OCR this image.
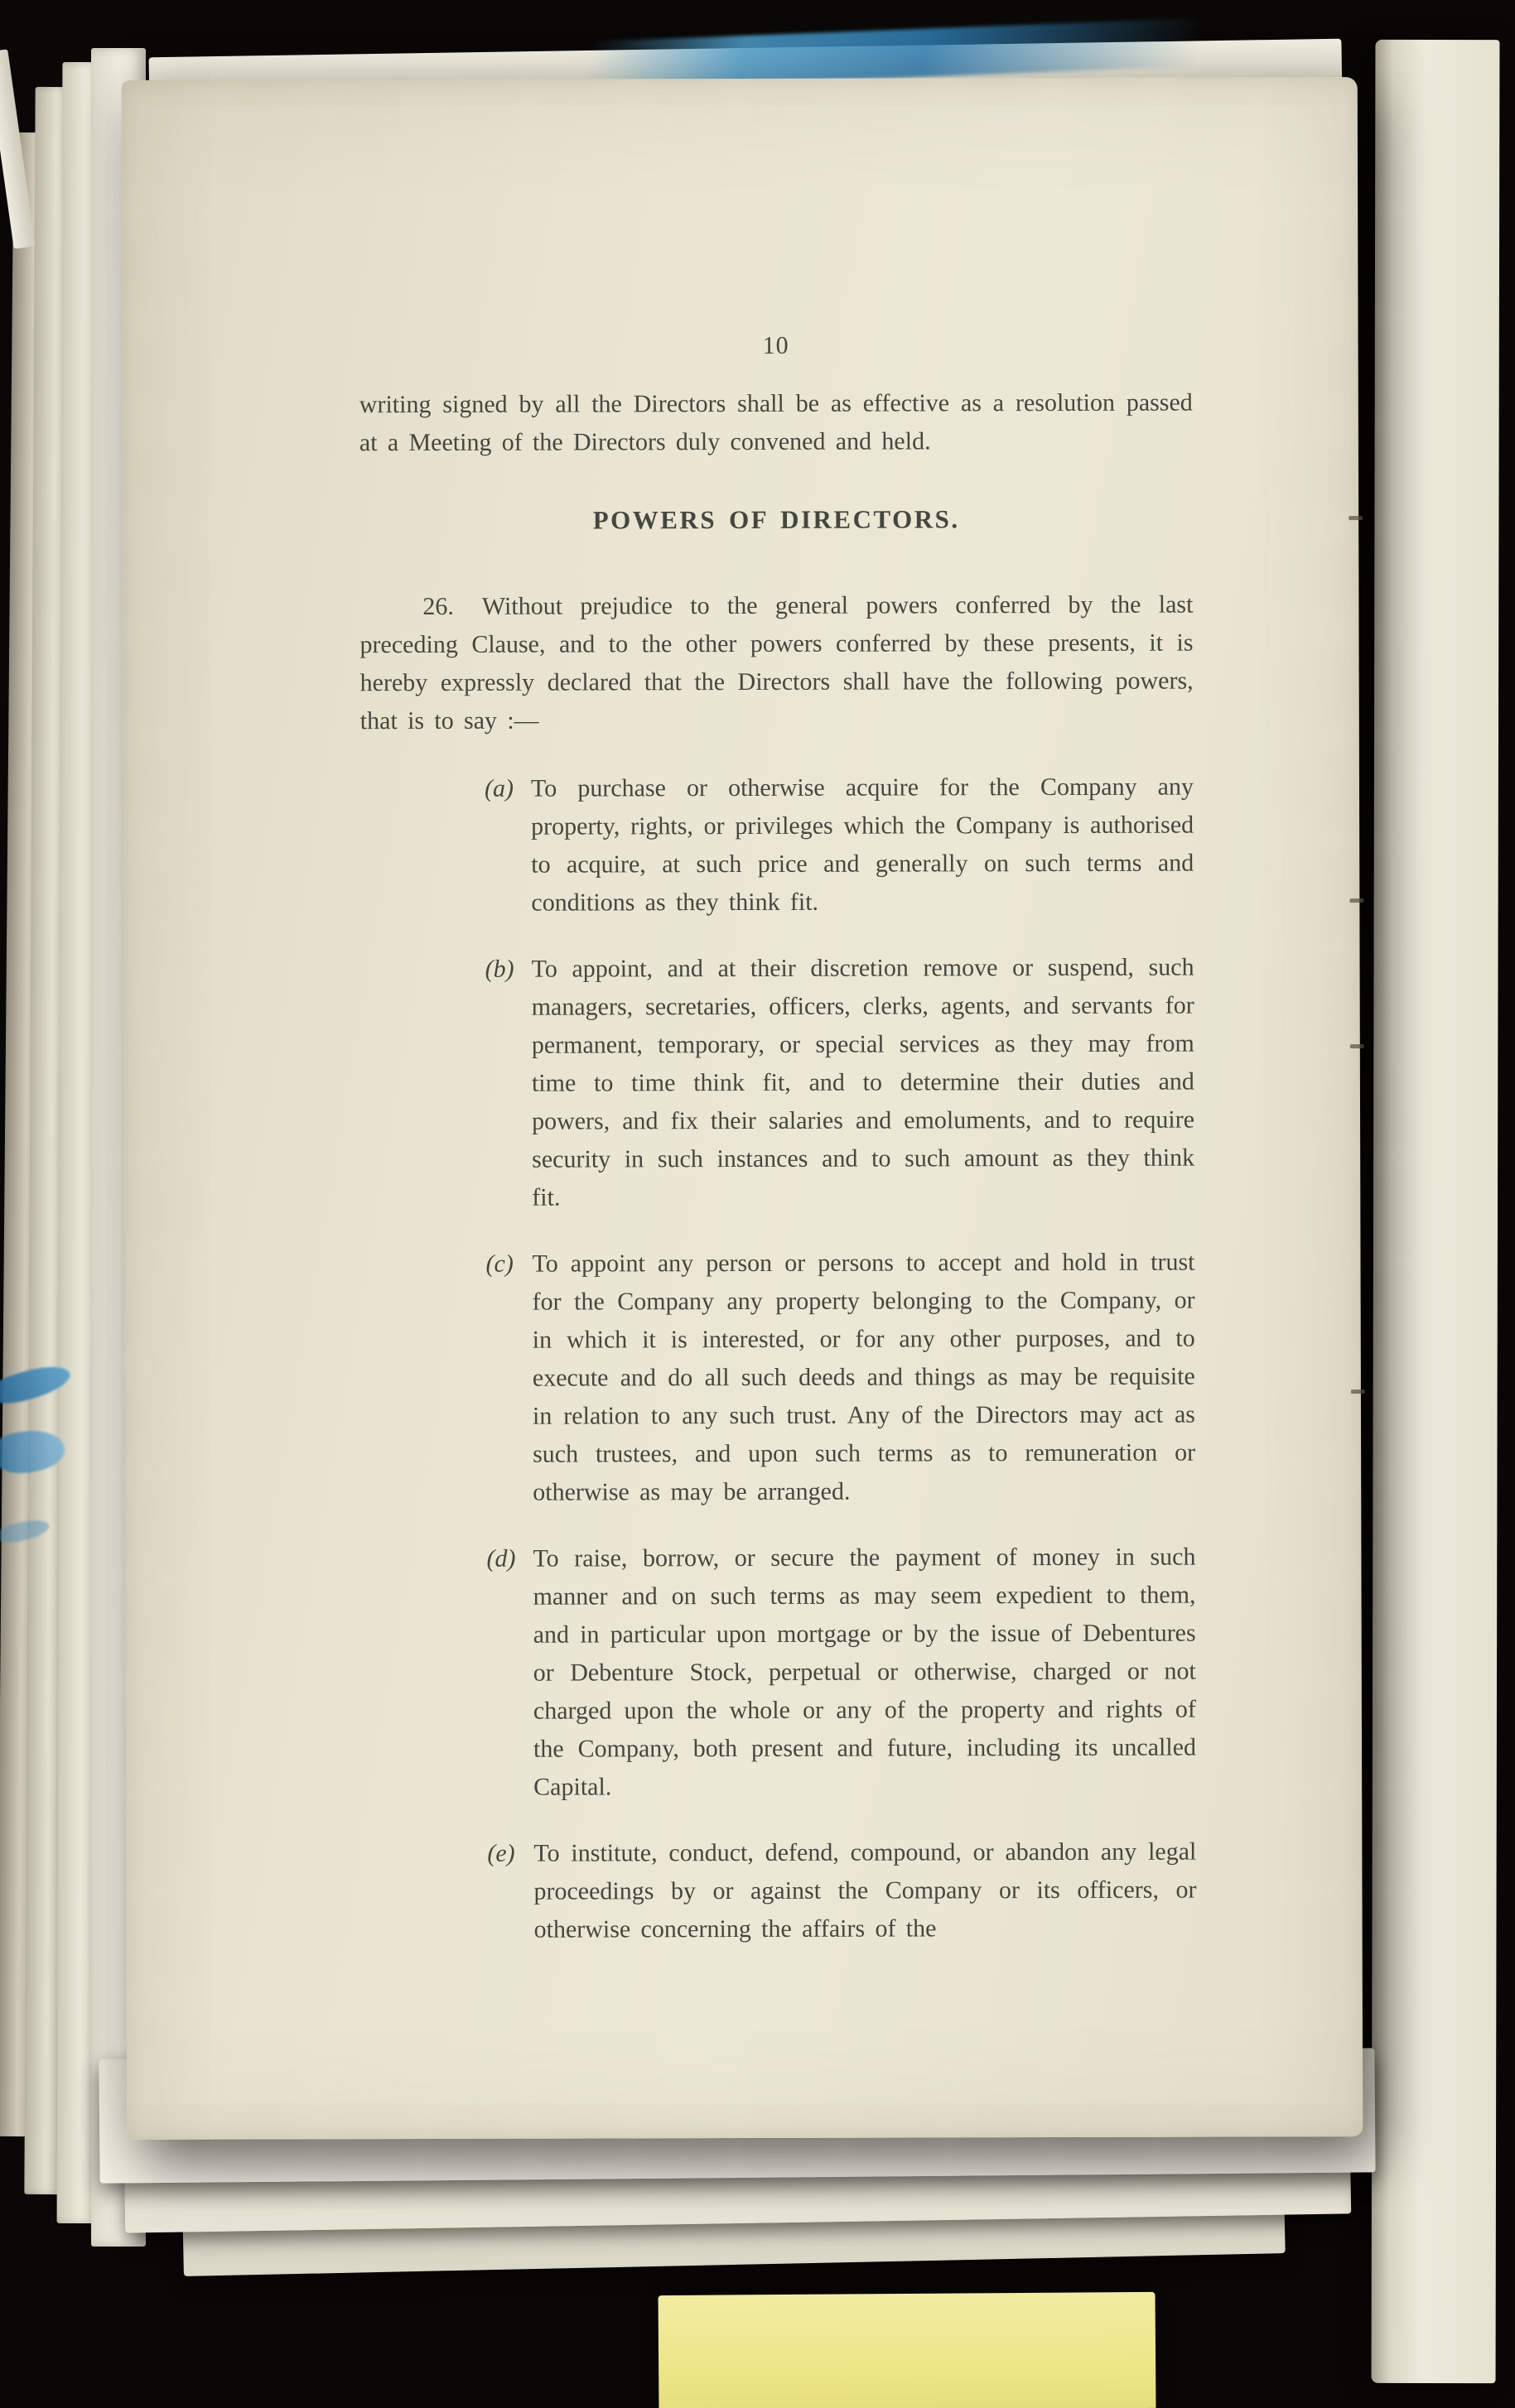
10

writing signed by all the Directors shall be as effective as a resolution passed at a Meeting of the Directors duly convened and held.

POWERS OF DIRECTORS.

26. Without prejudice to the general powers conferred by the last preceding Clause, and to the other powers conferred by these presents, it is hereby expressly declared that the Directors shall have the following powers, that is to say :—

(a) To purchase or otherwise acquire for the Company any property, rights, or privileges which the Company is authorised to acquire, at such price and generally on such terms and conditions as they think fit.
(b) To appoint, and at their discretion remove or suspend, such managers, secretaries, officers, clerks, agents, and servants for permanent, temporary, or special services as they may from time to time think fit, and to determine their duties and powers, and fix their salaries and emoluments, and to require security in such instances and to such amount as they think fit.
(c) To appoint any person or persons to accept and hold in trust for the Company any property belonging to the Company, or in which it is interested, or for any other purposes, and to execute and do all such deeds and things as may be requisite in relation to any such trust. Any of the Directors may act as such trustees, and upon such terms as to remuneration or otherwise as may be arranged.
(d) To raise, borrow, or secure the payment of money in such manner and on such terms as may seem expedient to them, and in particular upon mortgage or by the issue of Debentures or Debenture Stock, perpetual or otherwise, charged or not charged upon the whole or any of the property and rights of the Company, both present and future, including its uncalled Capital.
(e) To institute, conduct, defend, compound, or abandon any legal proceedings by or against the Company or its officers, or otherwise concerning the affairs of the
